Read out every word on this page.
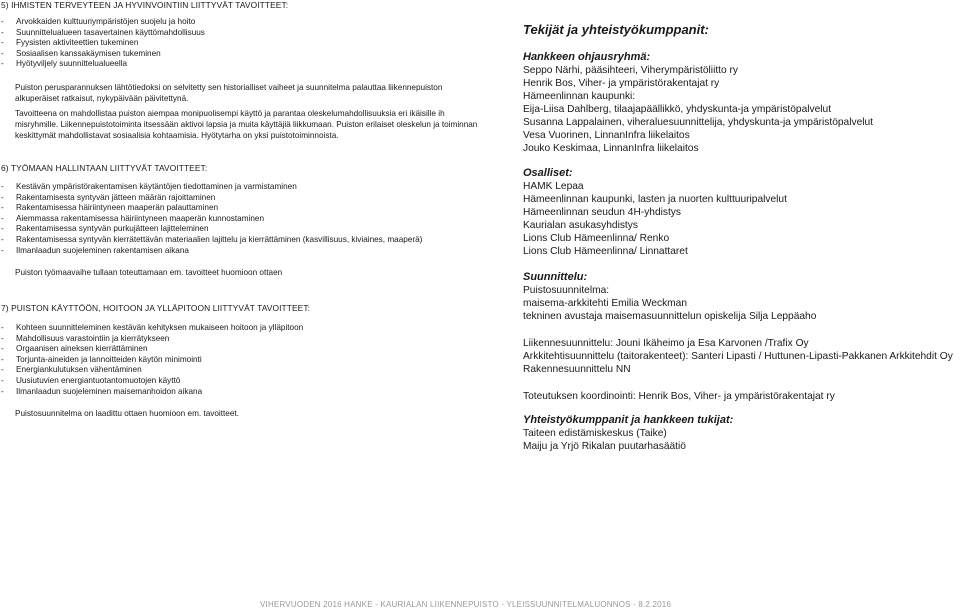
5) IHMISTEN TERVEYTEEN JA HYVINVOINTIIN LIITTYVÄT TAVOITTEET:
-	Arvokkaiden kulttuuriympäristöjen suojelu ja hoito
-	Suunnittelualueen tasavertainen käyttömahdollisuus
-	Fyysisten aktiviteettien tukeminen
-	Sosiaalisen kanssakäymisen tukeminen
-	Hyötyviljely suunnittelualueella

Puiston perusparannuksen lähtötiedoksi on selvitetty sen historialliset vaiheet ja suunnitelma palauttaa liikennepuiston alkuperäiset ratkaisut, nykypäivään päivitettynä.

Tavoitteena on mahdollistaa puiston aiempaa monipuolisempi käyttö ja parantaa oleskelumahdollisuuksia eri ikäisille ih misryhmille. Liikennepuistotoiminta itsessään aktivoi lapsia ja muita käyttäjiä liikkumaan. Puiston erilaiset oleskelun ja toiminnan keskittymät mahdollistavat sosiaalisia kohtaamisia. Hyötytarha on yksi puistotoiminnoista.

6) TYÖMAAN HALLINTAAN LIITTYVÄT TAVOITTEET:
-	Kestävän ympäristörakentamisen käytäntöjen tiedottaminen ja varmistaminen
-	Rakentamisesta syntyvän jätteen määrän rajoittaminen
-	Rakentamisessa häiriintyneen maaperän palauttaminen
-	Aiemmassa rakentamisessa häiriintyneen maaperän kunnostaminen
-	Rakentamisessa syntyvän purkujätteen lajitteleminen
-	Rakentamisessa syntyvän kierrätettävän materiaalien lajittelu ja kierrättäminen (kasvillisuus, kiviaines, maaperä)
-	Ilmanlaadun suojeleminen rakentamisen aikana

Puiston työmaavaihe tullaan toteuttamaan em. tavoitteet huomioon ottaen

7) PUISTON KÄYTTÖÖN, HOITOON JA YLLÄPITOON LIITTYVÄT TAVOITTEET:
-	Kohteen suunnitteleminen kestävän kehityksen mukaiseen hoitoon ja ylläpitoon
-	Mahdollisuus varastointiin ja kierrätykseen
-	Orgaanisen aineksen kierrättäminen
-	Torjunta-aineiden ja lannoitteiden käytön minimointi
-	Energiankulutuksen vähentäminen
-	Uusiutuvien energiantuotantomuotojen käyttö
-	Ilmanlaadun suojeleminen maisemanhoidon aikana

Puistosuunnitelma on laadittu ottaen huomioon em. tavoitteet.

Tekijät ja yhteistyökumppanit:
Hankkeen ohjausryhmä:
Seppo Närhi, pääsihteeri, Viherympäristöliitto ry
Henrik Bos, Viher- ja ympäristörakentajat ry
Hämeenlinnan kaupunki:
Eija-Liisa Dahlberg, tilaajapäällikkö, yhdyskunta-ja ympäristöpalvelut
Susanna Lappalainen, viheraluesuunnittelija, yhdyskunta-ja ympäristöpalvelut
Vesa Vuorinen, LinnanInfra liikelaitos
Jouko Keskimaa, LinnanInfra liikelaitos
Osalliset:
HAMK Lepaa
Hämeenlinnan kaupunki, lasten ja nuorten kulttuuripalvelut
Hämeenlinnan seudun 4H-yhdistys
Kaurialan asukasyhdistys
Lions Club Hämeenlinna/ Renko
Lions Club Hämeenlinna/ Linnattaret
Suunnittelu:
Puistosuunnitelma:
maisema-arkkitehti Emilia Weckman
tekninen avustaja maisemasuunnittelun opiskelija Silja Leppäaho
Liikennesuunnittelu: Jouni Ikäheimo ja Esa Karvonen /Trafix Oy
Arkkitehtisuunnittelu (taitorakenteet): Santeri Lipasti / Huttunen-Lipasti-Pakkanen Arkkitehdit Oy
Rakennesuunnittelu NN
Toteutuksen koordinointi: Henrik Bos, Viher- ja ympäristörakentajat ry
Yhteistyökumppanit ja hankkeen tukijat:
Taiteen edistämiskeskus (Taike)
Maiju ja Yrjö Rikalan puutarhasäätiö
VIHERVUODEN 2016 HANKE - KAURIALAN LIIKENNEPUISTO - YLEISSUUNNITELMALUONNOS - 8.2.2016
